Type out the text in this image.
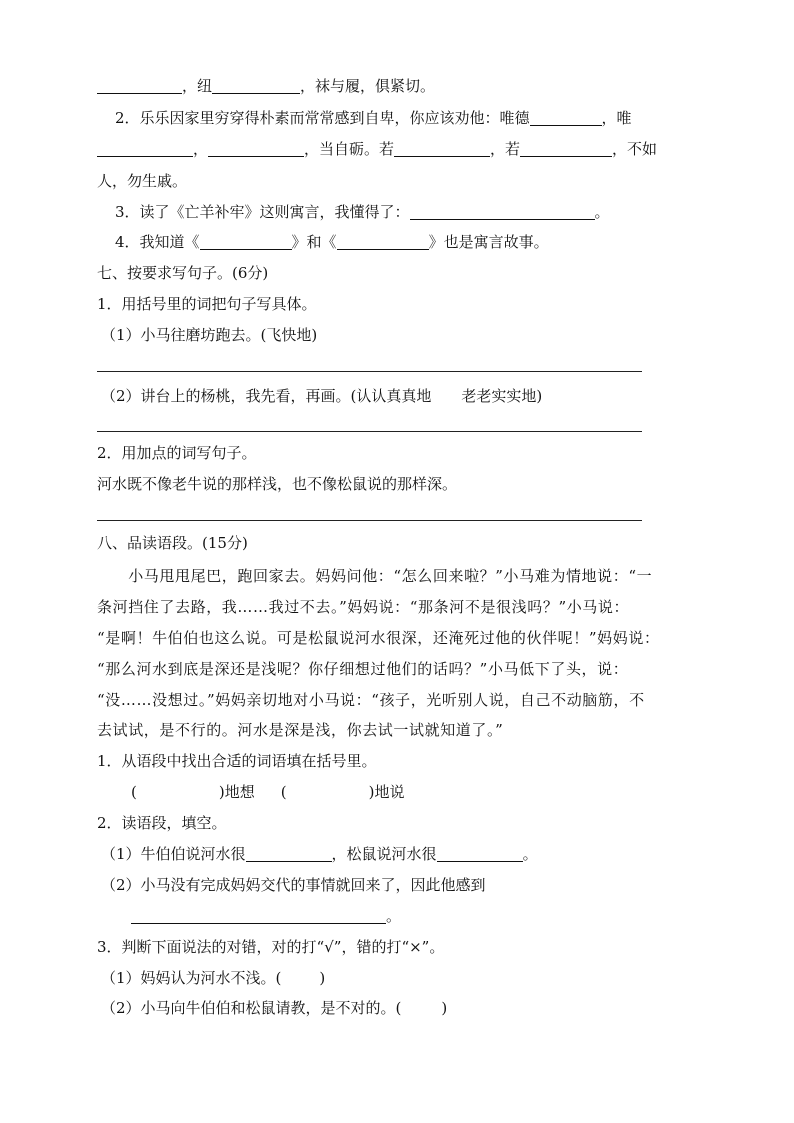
，纽	，袜与履，俱紧切。
2．乐乐因家里穷穿得朴素而常常感到自卑，你应该劝他：唯德	，唯
，	，当自砺。若	，若	，不如
人，勿生戚。
3．读了《亡羊补牢》这则寓言，我懂得了：	。
4．我知道《	》和《	》也是寓言故事。
七、按要求写句子。(6分)
1．用括号里的词把句子写具体。
（1）小马往磨坊跑去。(飞快地)
（2）讲台上的杨桃，我先看，再画。(认认真真地　　老老实实地)
2．用加点的词写句子。
河水既不像老牛说的那样浅，也不像松鼠说的那样深。
八、品读语段。(15分)
　　小马甩甩尾巴，跑回家去。妈妈问他：“怎么回来啦？”小马难为情地说：“一
条河挡住了去路，我……我过不去。”妈妈说：“那条河不是很浅吗？”小马说：
“是啊！牛伯伯也这么说。可是松鼠说河水很深，还淹死过他的伙伴呢！”妈妈说：
“那么河水到底是深还是浅呢？你仔细想过他们的话吗？”小马低下了头，说：
“没……没想过。”妈妈亲切地对小马说：“孩子，光听别人说，自己不动脑筋，不
去试试，是不行的。河水是深是浅，你去试一试就知道了。”
1．从语段中找出合适的词语填在括号里。
(	)地想 (	)地说
2．读语段，填空。
（1）牛伯伯说河水很	，松鼠说河水很	。
（2）小马没有完成妈妈交代的事情就回来了，因此他感到
。
3．判断下面说法的对错，对的打“√”，错的打“×”。
（1）妈妈认为河水不浅。(	)
（2）小马向牛伯伯和松鼠请教，是不对的。(	)
